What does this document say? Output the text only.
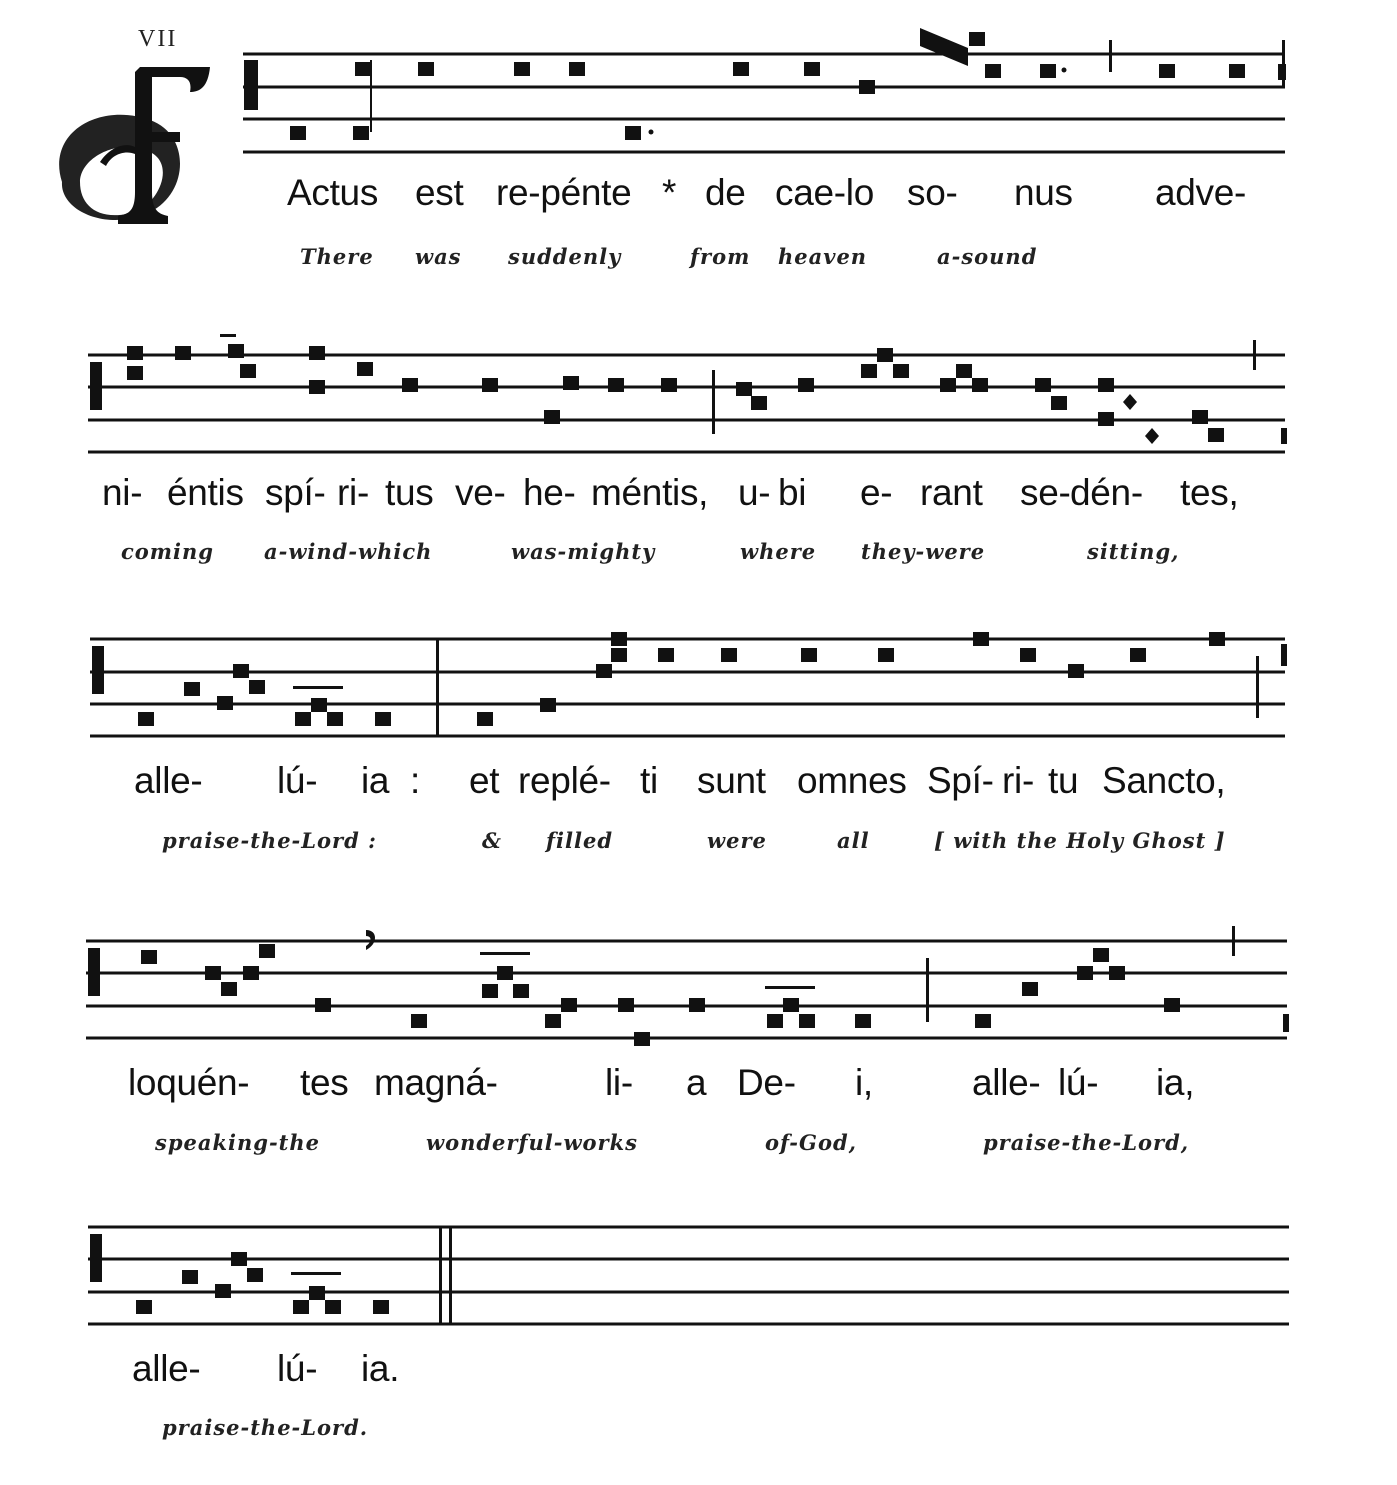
VII
Actus est re-pénte * de cae-lo so- nus adve-
There was suddenly	from heaven	a-sound
ni- éntis spí- ri- tus ve- he- méntis, u- bi e- rant se- dén- tes,
coming a-wind-which	was-mighty	where they-were	sitting,
alle- lú- ia : et replé- ti sunt omnes Spí- ri- tu Sancto,
praise-the-Lord :	& filled	were	all	[ with the Holy Ghost ]
loquén- tes magná-	li- a De- i,	alle- lú- ia,
speaking-the	wonderful-works	of-God,	praise-the-Lord,
alle- lú- ia.
praise-the-Lord.
